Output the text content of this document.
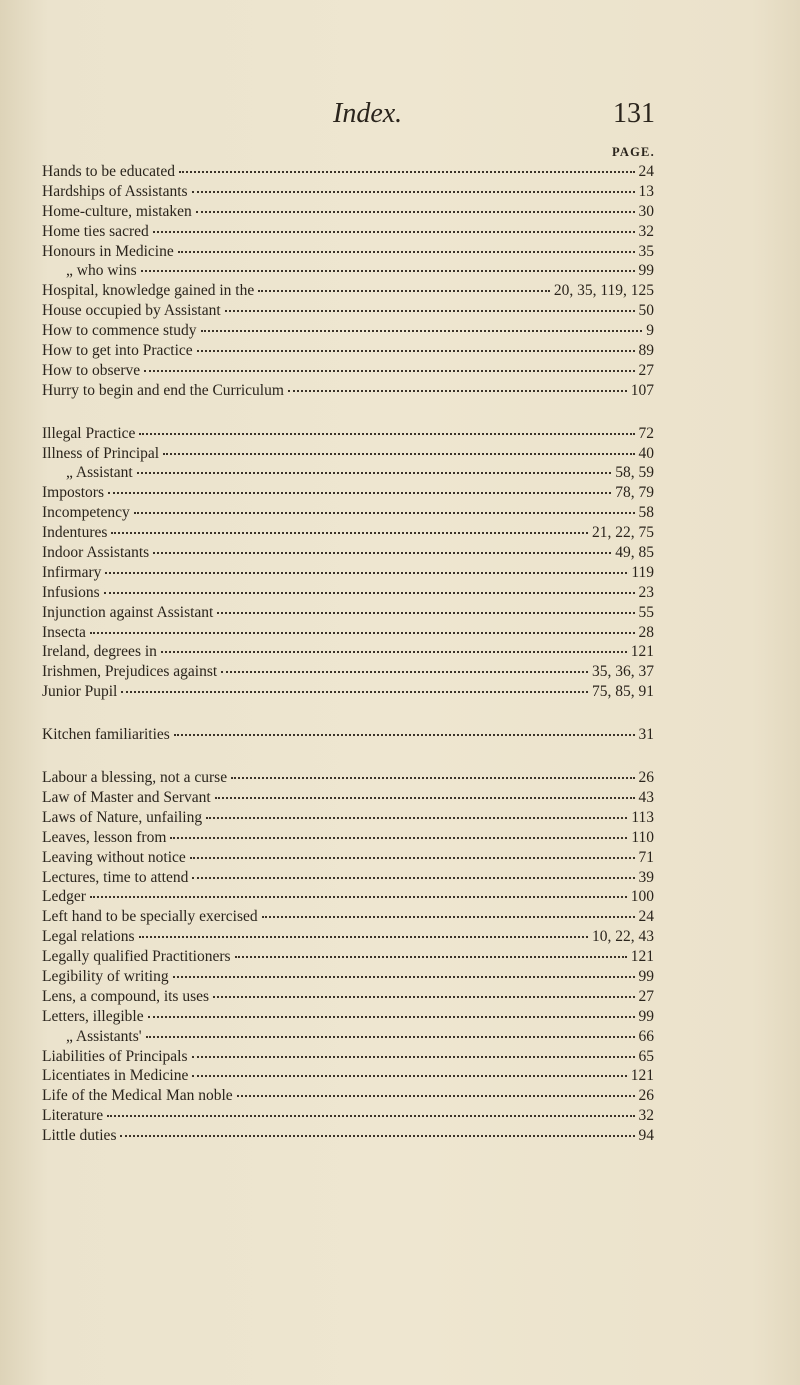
Index.	131
PAGE.
Hands to be educated	24
Hardships of Assistants	13
Home-culture, mistaken	30
Home ties sacred	32
Honours in Medicine	35
„ who wins	99
Hospital, knowledge gained in the	20, 35, 119, 125
House occupied by Assistant	50
How to commence study	9
How to get into Practice	89
How to observe	27
Hurry to begin and end the Curriculum	107
Illegal Practice	72
Illness of Principal	40
„ Assistant	58, 59
Impostors	78, 79
Incompetency	58
Indentures	21, 22, 75
Indoor Assistants	49, 85
Infirmary	119
Infusions	23
Injunction against Assistant	55
Insecta	28
Ireland, degrees in	121
Irishmen, Prejudices against	35, 36, 37
Junior Pupil	75, 85, 91
Kitchen familiarities	31
Labour a blessing, not a curse	26
Law of Master and Servant	43
Laws of Nature, unfailing	113
Leaves, lesson from	110
Leaving without notice	71
Lectures, time to attend	39
Ledger	100
Left hand to be specially exercised	24
Legal relations	10, 22, 43
Legally qualified Practitioners	121
Legibility of writing	99
Lens, a compound, its uses	27
Letters, illegible	99
„ Assistants'	66
Liabilities of Principals	65
Licentiates in Medicine	121
Life of the Medical Man noble	26
Literature	32
Little duties	94
